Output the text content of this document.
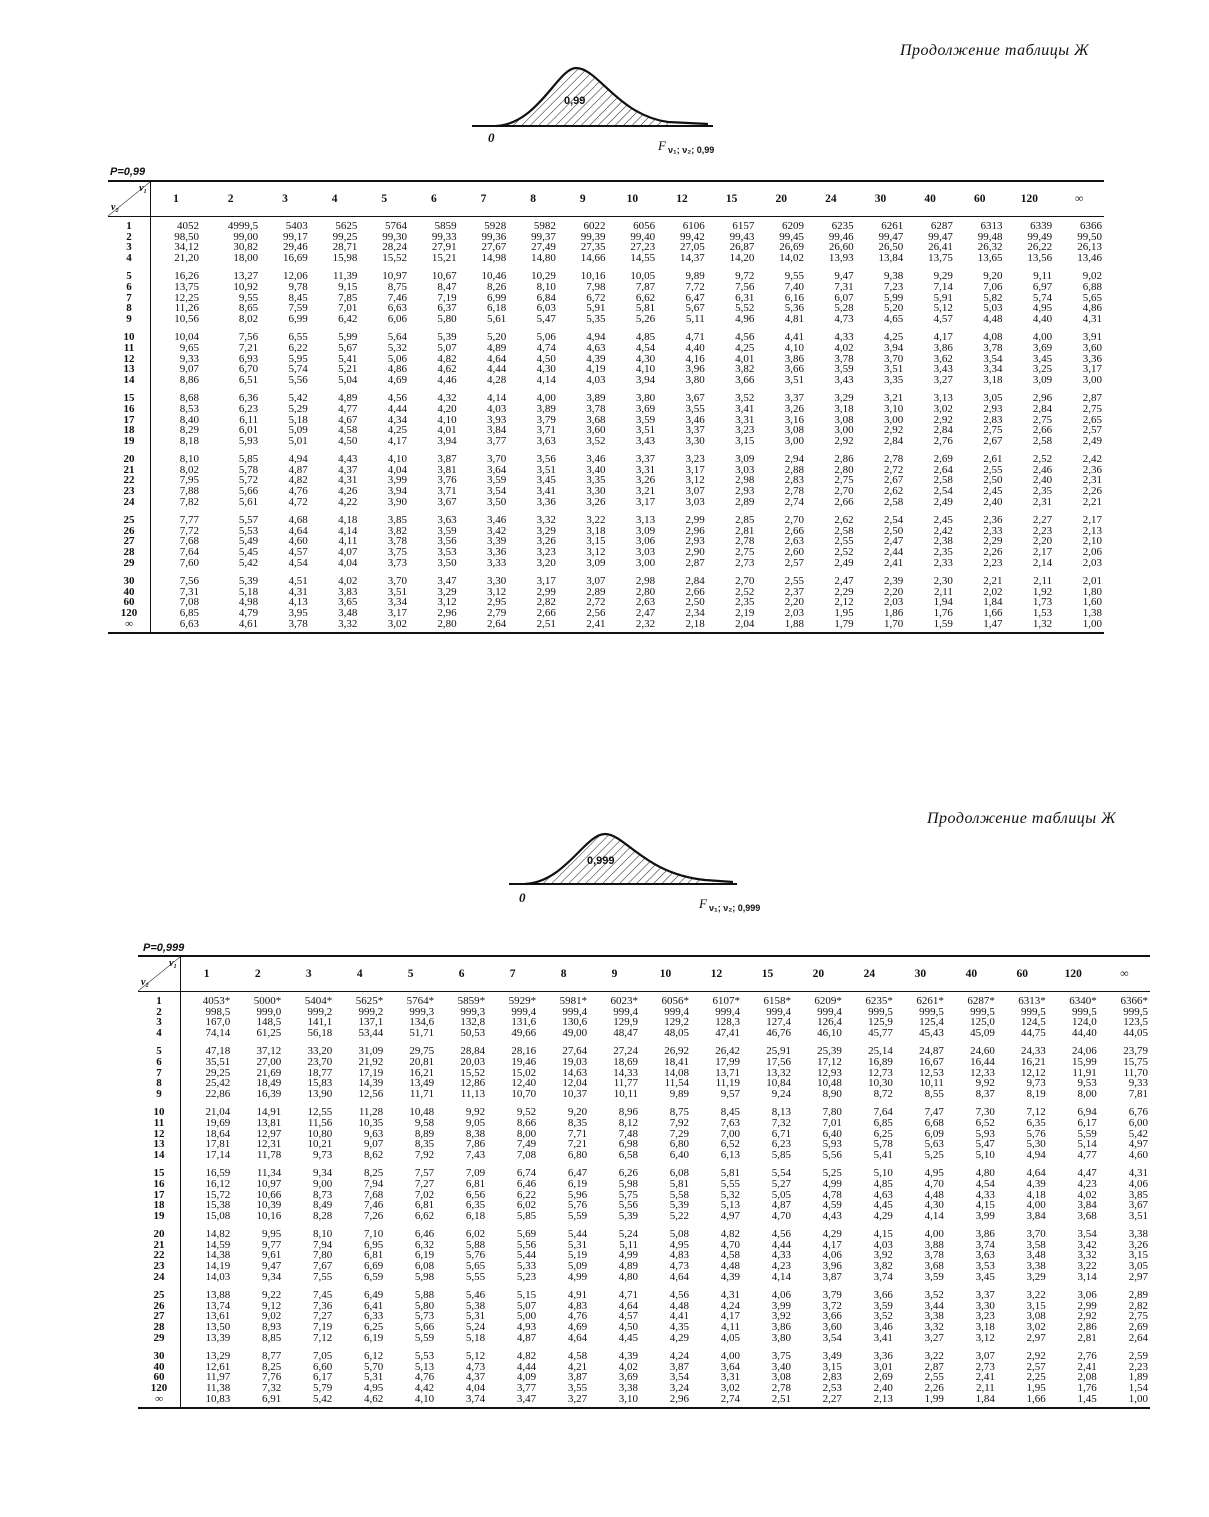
Продолжение таблицы Ж
0,99
0
F ν₁; ν₂; 0,99
P=0,99
ν₁
ν₂	1	2	3	4	5	6	7	8	9	10	12	15	20	24	30	40	60	120	∞
1	4052	4999,5	5403	5625	5764	5859	5928	5982	6022	6056	6106	6157	6209	6235	6261	6287	6313	6339	6366
2	98,50	99,00	99,17	99,25	99,30	99,33	99,36	99,37	99,39	99,40	99,42	99,43	99,45	99,46	99,47	99,47	99,48	99,49	99,50
3	34,12	30,82	29,46	28,71	28,24	27,91	27,67	27,49	27,35	27,23	27,05	26,87	26,69	26,60	26,50	26,41	26,32	26,22	26,13
4	21,20	18,00	16,69	15,98	15,52	15,21	14,98	14,80	14,66	14,55	14,37	14,20	14,02	13,93	13,84	13,75	13,65	13,56	13,46
5	16,26	13,27	12,06	11,39	10,97	10,67	10,46	10,29	10,16	10,05	9,89	9,72	9,55	9,47	9,38	9,29	9,20	9,11	9,02
6	13,75	10,92	9,78	9,15	8,75	8,47	8,26	8,10	7,98	7,87	7,72	7,56	7,40	7,31	7,23	7,14	7,06	6,97	6,88
7	12,25	9,55	8,45	7,85	7,46	7,19	6,99	6,84	6,72	6,62	6,47	6,31	6,16	6,07	5,99	5,91	5,82	5,74	5,65
8	11,26	8,65	7,59	7,01	6,63	6,37	6,18	6,03	5,91	5,81	5,67	5,52	5,36	5,28	5,20	5,12	5,03	4,95	4,86
9	10,56	8,02	6,99	6,42	6,06	5,80	5,61	5,47	5,35	5,26	5,11	4,96	4,81	4,73	4,65	4,57	4,48	4,40	4,31
10	10,04	7,56	6,55	5,99	5,64	5,39	5,20	5,06	4,94	4,85	4,71	4,56	4,41	4,33	4,25	4,17	4,08	4,00	3,91
11	9,65	7,21	6,22	5,67	5,32	5,07	4,89	4,74	4,63	4,54	4,40	4,25	4,10	4,02	3,94	3,86	3,78	3,69	3,60
12	9,33	6,93	5,95	5,41	5,06	4,82	4,64	4,50	4,39	4,30	4,16	4,01	3,86	3,78	3,70	3,62	3,54	3,45	3,36
13	9,07	6,70	5,74	5,21	4,86	4,62	4,44	4,30	4,19	4,10	3,96	3,82	3,66	3,59	3,51	3,43	3,34	3,25	3,17
14	8,86	6,51	5,56	5,04	4,69	4,46	4,28	4,14	4,03	3,94	3,80	3,66	3,51	3,43	3,35	3,27	3,18	3,09	3,00
15	8,68	6,36	5,42	4,89	4,56	4,32	4,14	4,00	3,89	3,80	3,67	3,52	3,37	3,29	3,21	3,13	3,05	2,96	2,87
16	8,53	6,23	5,29	4,77	4,44	4,20	4,03	3,89	3,78	3,69	3,55	3,41	3,26	3,18	3,10	3,02	2,93	2,84	2,75
17	8,40	6,11	5,18	4,67	4,34	4,10	3,93	3,79	3,68	3,59	3,46	3,31	3,16	3,08	3,00	2,92	2,83	2,75	2,65
18	8,29	6,01	5,09	4,58	4,25	4,01	3,84	3,71	3,60	3,51	3,37	3,23	3,08	3,00	2,92	2,84	2,75	2,66	2,57
19	8,18	5,93	5,01	4,50	4,17	3,94	3,77	3,63	3,52	3,43	3,30	3,15	3,00	2,92	2,84	2,76	2,67	2,58	2,49
20	8,10	5,85	4,94	4,43	4,10	3,87	3,70	3,56	3,46	3,37	3,23	3,09	2,94	2,86	2,78	2,69	2,61	2,52	2,42
21	8,02	5,78	4,87	4,37	4,04	3,81	3,64	3,51	3,40	3,31	3,17	3,03	2,88	2,80	2,72	2,64	2,55	2,46	2,36
22	7,95	5,72	4,82	4,31	3,99	3,76	3,59	3,45	3,35	3,26	3,12	2,98	2,83	2,75	2,67	2,58	2,50	2,40	2,31
23	7,88	5,66	4,76	4,26	3,94	3,71	3,54	3,41	3,30	3,21	3,07	2,93	2,78	2,70	2,62	2,54	2,45	2,35	2,26
24	7,82	5,61	4,72	4,22	3,90	3,67	3,50	3,36	3,26	3,17	3,03	2,89	2,74	2,66	2,58	2,49	2,40	2,31	2,21
25	7,77	5,57	4,68	4,18	3,85	3,63	3,46	3,32	3,22	3,13	2,99	2,85	2,70	2,62	2,54	2,45	2,36	2,27	2,17
26	7,72	5,53	4,64	4,14	3,82	3,59	3,42	3,29	3,18	3,09	2,96	2,81	2,66	2,58	2,50	2,42	2,33	2,23	2,13
27	7,68	5,49	4,60	4,11	3,78	3,56	3,39	3,26	3,15	3,06	2,93	2,78	2,63	2,55	2,47	2,38	2,29	2,20	2,10
28	7,64	5,45	4,57	4,07	3,75	3,53	3,36	3,23	3,12	3,03	2,90	2,75	2,60	2,52	2,44	2,35	2,26	2,17	2,06
29	7,60	5,42	4,54	4,04	3,73	3,50	3,33	3,20	3,09	3,00	2,87	2,73	2,57	2,49	2,41	2,33	2,23	2,14	2,03
30	7,56	5,39	4,51	4,02	3,70	3,47	3,30	3,17	3,07	2,98	2,84	2,70	2,55	2,47	2,39	2,30	2,21	2,11	2,01
40	7,31	5,18	4,31	3,83	3,51	3,29	3,12	2,99	2,89	2,80	2,66	2,52	2,37	2,29	2,20	2,11	2,02	1,92	1,80
60	7,08	4,98	4,13	3,65	3,34	3,12	2,95	2,82	2,72	2,63	2,50	2,35	2,20	2,12	2,03	1,94	1,84	1,73	1,60
120	6,85	4,79	3,95	3,48	3,17	2,96	2,79	2,66	2,56	2,47	2,34	2,19	2,03	1,95	1,86	1,76	1,66	1,53	1,38
∞	6,63	4,61	3,78	3,32	3,02	2,80	2,64	2,51	2,41	2,32	2,18	2,04	1,88	1,79	1,70	1,59	1,47	1,32	1,00
Продолжение таблицы Ж
0,999
0	F ν₁; ν₂; 0,999
P=0,999
ν₁
ν₂	1	2	3	4	5	6	7	8	9	10	12	15	20	24	30	40	60	120	∞
1	4053*	5000*	5404*	5625*	5764*	5859*	5929*	5981*	6023*	6056*	6107*	6158*	6209*	6235*	6261*	6287*	6313*	6340*	6366*
2	998,5	999,0	999,2	999,2	999,3	999,3	999,4	999,4	999,4	999,4	999,4	999,4	999,4	999,5	999,5	999,5	999,5	999,5	999,5
3	167,0	148,5	141,1	137,1	134,6	132,8	131,6	130,6	129,9	129,2	128,3	127,4	126,4	125,9	125,4	125,0	124,5	124,0	123,5
4	74,14	61,25	56,18	53,44	51,71	50,53	49,66	49,00	48,47	48,05	47,41	46,76	46,10	45,77	45,43	45,09	44,75	44,40	44,05
5	47,18	37,12	33,20	31,09	29,75	28,84	28,16	27,64	27,24	26,92	26,42	25,91	25,39	25,14	24,87	24,60	24,33	24,06	23,79
6	35,51	27,00	23,70	21,92	20,81	20,03	19,46	19,03	18,69	18,41	17,99	17,56	17,12	16,89	16,67	16,44	16,21	15,99	15,75
7	29,25	21,69	18,77	17,19	16,21	15,52	15,02	14,63	14,33	14,08	13,71	13,32	12,93	12,73	12,53	12,33	12,12	11,91	11,70
8	25,42	18,49	15,83	14,39	13,49	12,86	12,40	12,04	11,77	11,54	11,19	10,84	10,48	10,30	10,11	9,92	9,73	9,53	9,33
9	22,86	16,39	13,90	12,56	11,71	11,13	10,70	10,37	10,11	9,89	9,57	9,24	8,90	8,72	8,55	8,37	8,19	8,00	7,81
10	21,04	14,91	12,55	11,28	10,48	9,92	9,52	9,20	8,96	8,75	8,45	8,13	7,80	7,64	7,47	7,30	7,12	6,94	6,76
11	19,69	13,81	11,56	10,35	9,58	9,05	8,66	8,35	8,12	7,92	7,63	7,32	7,01	6,85	6,68	6,52	6,35	6,17	6,00
12	18,64	12,97	10,80	9,63	8,89	8,38	8,00	7,71	7,48	7,29	7,00	6,71	6,40	6,25	6,09	5,93	5,76	5,59	5,42
13	17,81	12,31	10,21	9,07	8,35	7,86	7,49	7,21	6,98	6,80	6,52	6,23	5,93	5,78	5,63	5,47	5,30	5,14	4,97
14	17,14	11,78	9,73	8,62	7,92	7,43	7,08	6,80	6,58	6,40	6,13	5,85	5,56	5,41	5,25	5,10	4,94	4,77	4,60
15	16,59	11,34	9,34	8,25	7,57	7,09	6,74	6,47	6,26	6,08	5,81	5,54	5,25	5,10	4,95	4,80	4,64	4,47	4,31
16	16,12	10,97	9,00	7,94	7,27	6,81	6,46	6,19	5,98	5,81	5,55	5,27	4,99	4,85	4,70	4,54	4,39	4,23	4,06
17	15,72	10,66	8,73	7,68	7,02	6,56	6,22	5,96	5,75	5,58	5,32	5,05	4,78	4,63	4,48	4,33	4,18	4,02	3,85
18	15,38	10,39	8,49	7,46	6,81	6,35	6,02	5,76	5,56	5,39	5,13	4,87	4,59	4,45	4,30	4,15	4,00	3,84	3,67
19	15,08	10,16	8,28	7,26	6,62	6,18	5,85	5,59	5,39	5,22	4,97	4,70	4,43	4,29	4,14	3,99	3,84	3,68	3,51
20	14,82	9,95	8,10	7,10	6,46	6,02	5,69	5,44	5,24	5,08	4,82	4,56	4,29	4,15	4,00	3,86	3,70	3,54	3,38
21	14,59	9,77	7,94	6,95	6,32	5,88	5,56	5,31	5,11	4,95	4,70	4,44	4,17	4,03	3,88	3,74	3,58	3,42	3,26
22	14,38	9,61	7,80	6,81	6,19	5,76	5,44	5,19	4,99	4,83	4,58	4,33	4,06	3,92	3,78	3,63	3,48	3,32	3,15
23	14,19	9,47	7,67	6,69	6,08	5,65	5,33	5,09	4,89	4,73	4,48	4,23	3,96	3,82	3,68	3,53	3,38	3,22	3,05
24	14,03	9,34	7,55	6,59	5,98	5,55	5,23	4,99	4,80	4,64	4,39	4,14	3,87	3,74	3,59	3,45	3,29	3,14	2,97
25	13,88	9,22	7,45	6,49	5,88	5,46	5,15	4,91	4,71	4,56	4,31	4,06	3,79	3,66	3,52	3,37	3,22	3,06	2,89
26	13,74	9,12	7,36	6,41	5,80	5,38	5,07	4,83	4,64	4,48	4,24	3,99	3,72	3,59	3,44	3,30	3,15	2,99	2,82
27	13,61	9,02	7,27	6,33	5,73	5,31	5,00	4,76	4,57	4,41	4,17	3,92	3,66	3,52	3,38	3,23	3,08	2,92	2,75
28	13,50	8,93	7,19	6,25	5,66	5,24	4,93	4,69	4,50	4,35	4,11	3,86	3,60	3,46	3,32	3,18	3,02	2,86	2,69
29	13,39	8,85	7,12	6,19	5,59	5,18	4,87	4,64	4,45	4,29	4,05	3,80	3,54	3,41	3,27	3,12	2,97	2,81	2,64
30	13,29	8,77	7,05	6,12	5,53	5,12	4,82	4,58	4,39	4,24	4,00	3,75	3,49	3,36	3,22	3,07	2,92	2,76	2,59
40	12,61	8,25	6,60	5,70	5,13	4,73	4,44	4,21	4,02	3,87	3,64	3,40	3,15	3,01	2,87	2,73	2,57	2,41	2,23
60	11,97	7,76	6,17	5,31	4,76	4,37	4,09	3,87	3,69	3,54	3,31	3,08	2,83	2,69	2,55	2,41	2,25	2,08	1,89
120	11,38	7,32	5,79	4,95	4,42	4,04	3,77	3,55	3,38	3,24	3,02	2,78	2,53	2,40	2,26	2,11	1,95	1,76	1,54
∞	10,83	6,91	5,42	4,62	4,10	3,74	3,47	3,27	3,10	2,96	2,74	2,51	2,27	2,13	1,99	1,84	1,66	1,45	1,00
